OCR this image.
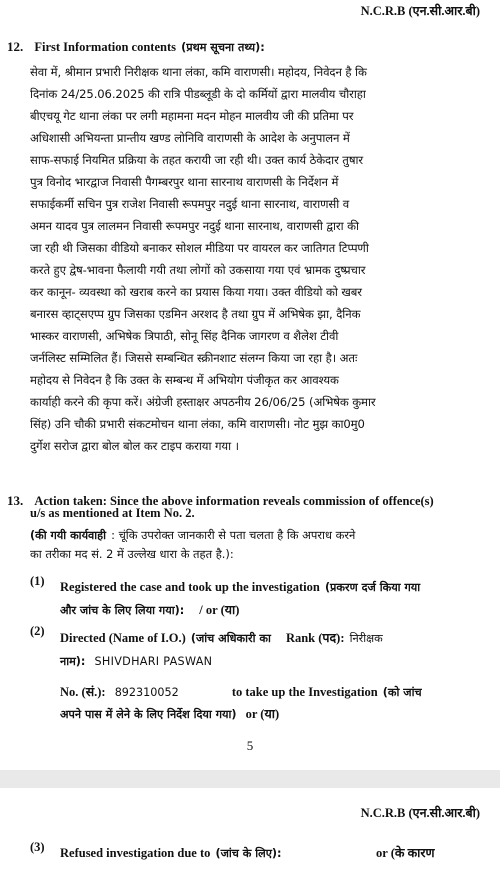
N.C.R.B (एन.सी.आर.बी)
12. First Information contents (प्रथम सूचना तथ्य):
सेवा में, श्रीमान प्रभारी निरीक्षक थाना लंका, कमि वाराणसी। महोदय, निवेदन है कि
दिनांक 24/25.06.2025 की रात्रि पीडब्लूडी के दो कर्मियों द्वारा मालवीय चौराहा
बीएचयू गेट थाना लंका पर लगी महामना मदन मोहन मालवीय जी की प्रतिमा पर
अधिशासी अभियन्ता प्रान्तीय खण्ड लोनिवि वाराणसी के आदेश के अनुपालन में
साफ-सफाई नियमित प्रक्रिया के तहत करायी जा रही थी। उक्त कार्य ठेकेदार तुषार
पुत्र विनोद भारद्वाज निवासी पैगम्बरपुर थाना सारनाथ वाराणसी के निर्देशन में
सफाईकर्मी सचिन पुत्र राजेश निवासी रूपमपुर नदुई थाना सारनाथ, वाराणसी व
अमन यादव पुत्र लालमन निवासी रूपमपुर नदुई थाना सारनाथ, वाराणसी द्वारा की
जा रही थी जिसका वीडियो बनाकर सोशल मीडिया पर वायरल कर जातिगत टिप्पणी
करते हुए द्वेष-भावना फैलायी गयी तथा लोगों को उकसाया गया एवं भ्रामक दुष्प्रचार
कर कानून- व्यवस्था को खराब करने का प्रयास किया गया। उक्त वीडियो को खबर
बनारस व्हाट्सएप्प ग्रुप जिसका एडमिन अरशद है तथा ग्रुप में अभिषेक झा, दैनिक
भास्कर वाराणसी, अभिषेक त्रिपाठी, सोनू सिंह दैनिक जागरण व शैलेश टीवी
जर्नलिस्ट सम्मिलित हैं। जिससे सम्बन्धित स्क्रीनशाट संलग्न किया जा रहा है। अतः
महोदय से निवेदन है कि उक्त के सम्बन्ध में अभियोग पंजीकृत कर आवश्यक
कार्याही करने की कृपा करें। अंग्रेजी हस्ताक्षर अपठनीय 26/06/25 (अभिषेक कुमार
सिंह) उनि चौकी प्रभारी संकटमोचन थाना लंका, कमि वाराणसी। नोट मुझ का0मु0
दुर्गेश सरोज द्वारा बोल बोल कर टाइप कराया गया ।
13. Action taken: Since the above information reveals commission of offence(s)
u/s as mentioned at Item No. 2.
(की गयी कार्यवाही : चूंकि उपरोक्त जानकारी से पता चलता है कि अपराध करने
का तरीका मद सं. 2 में उल्लेख धारा के तहत है.):
(1) Registered the case and took up the investigation (प्रकरण दर्ज किया गया
और जांच के लिए लिया गया): / or (या)
(2) Directed (Name of I.O.) (जांच अधिकारी का Rank (पद): निरीक्षक
नाम): SHIVDHARI PASWAN
No. (सं.): 892310052	to take up the Investigation (को जांच
अपने पास में लेने के लिए निर्देश दिया गया) or (या)
5
N.C.R.B (एन.सी.आर.बी)
(3) Refused investigation due to (जांच के लिए):	or (के कारण
